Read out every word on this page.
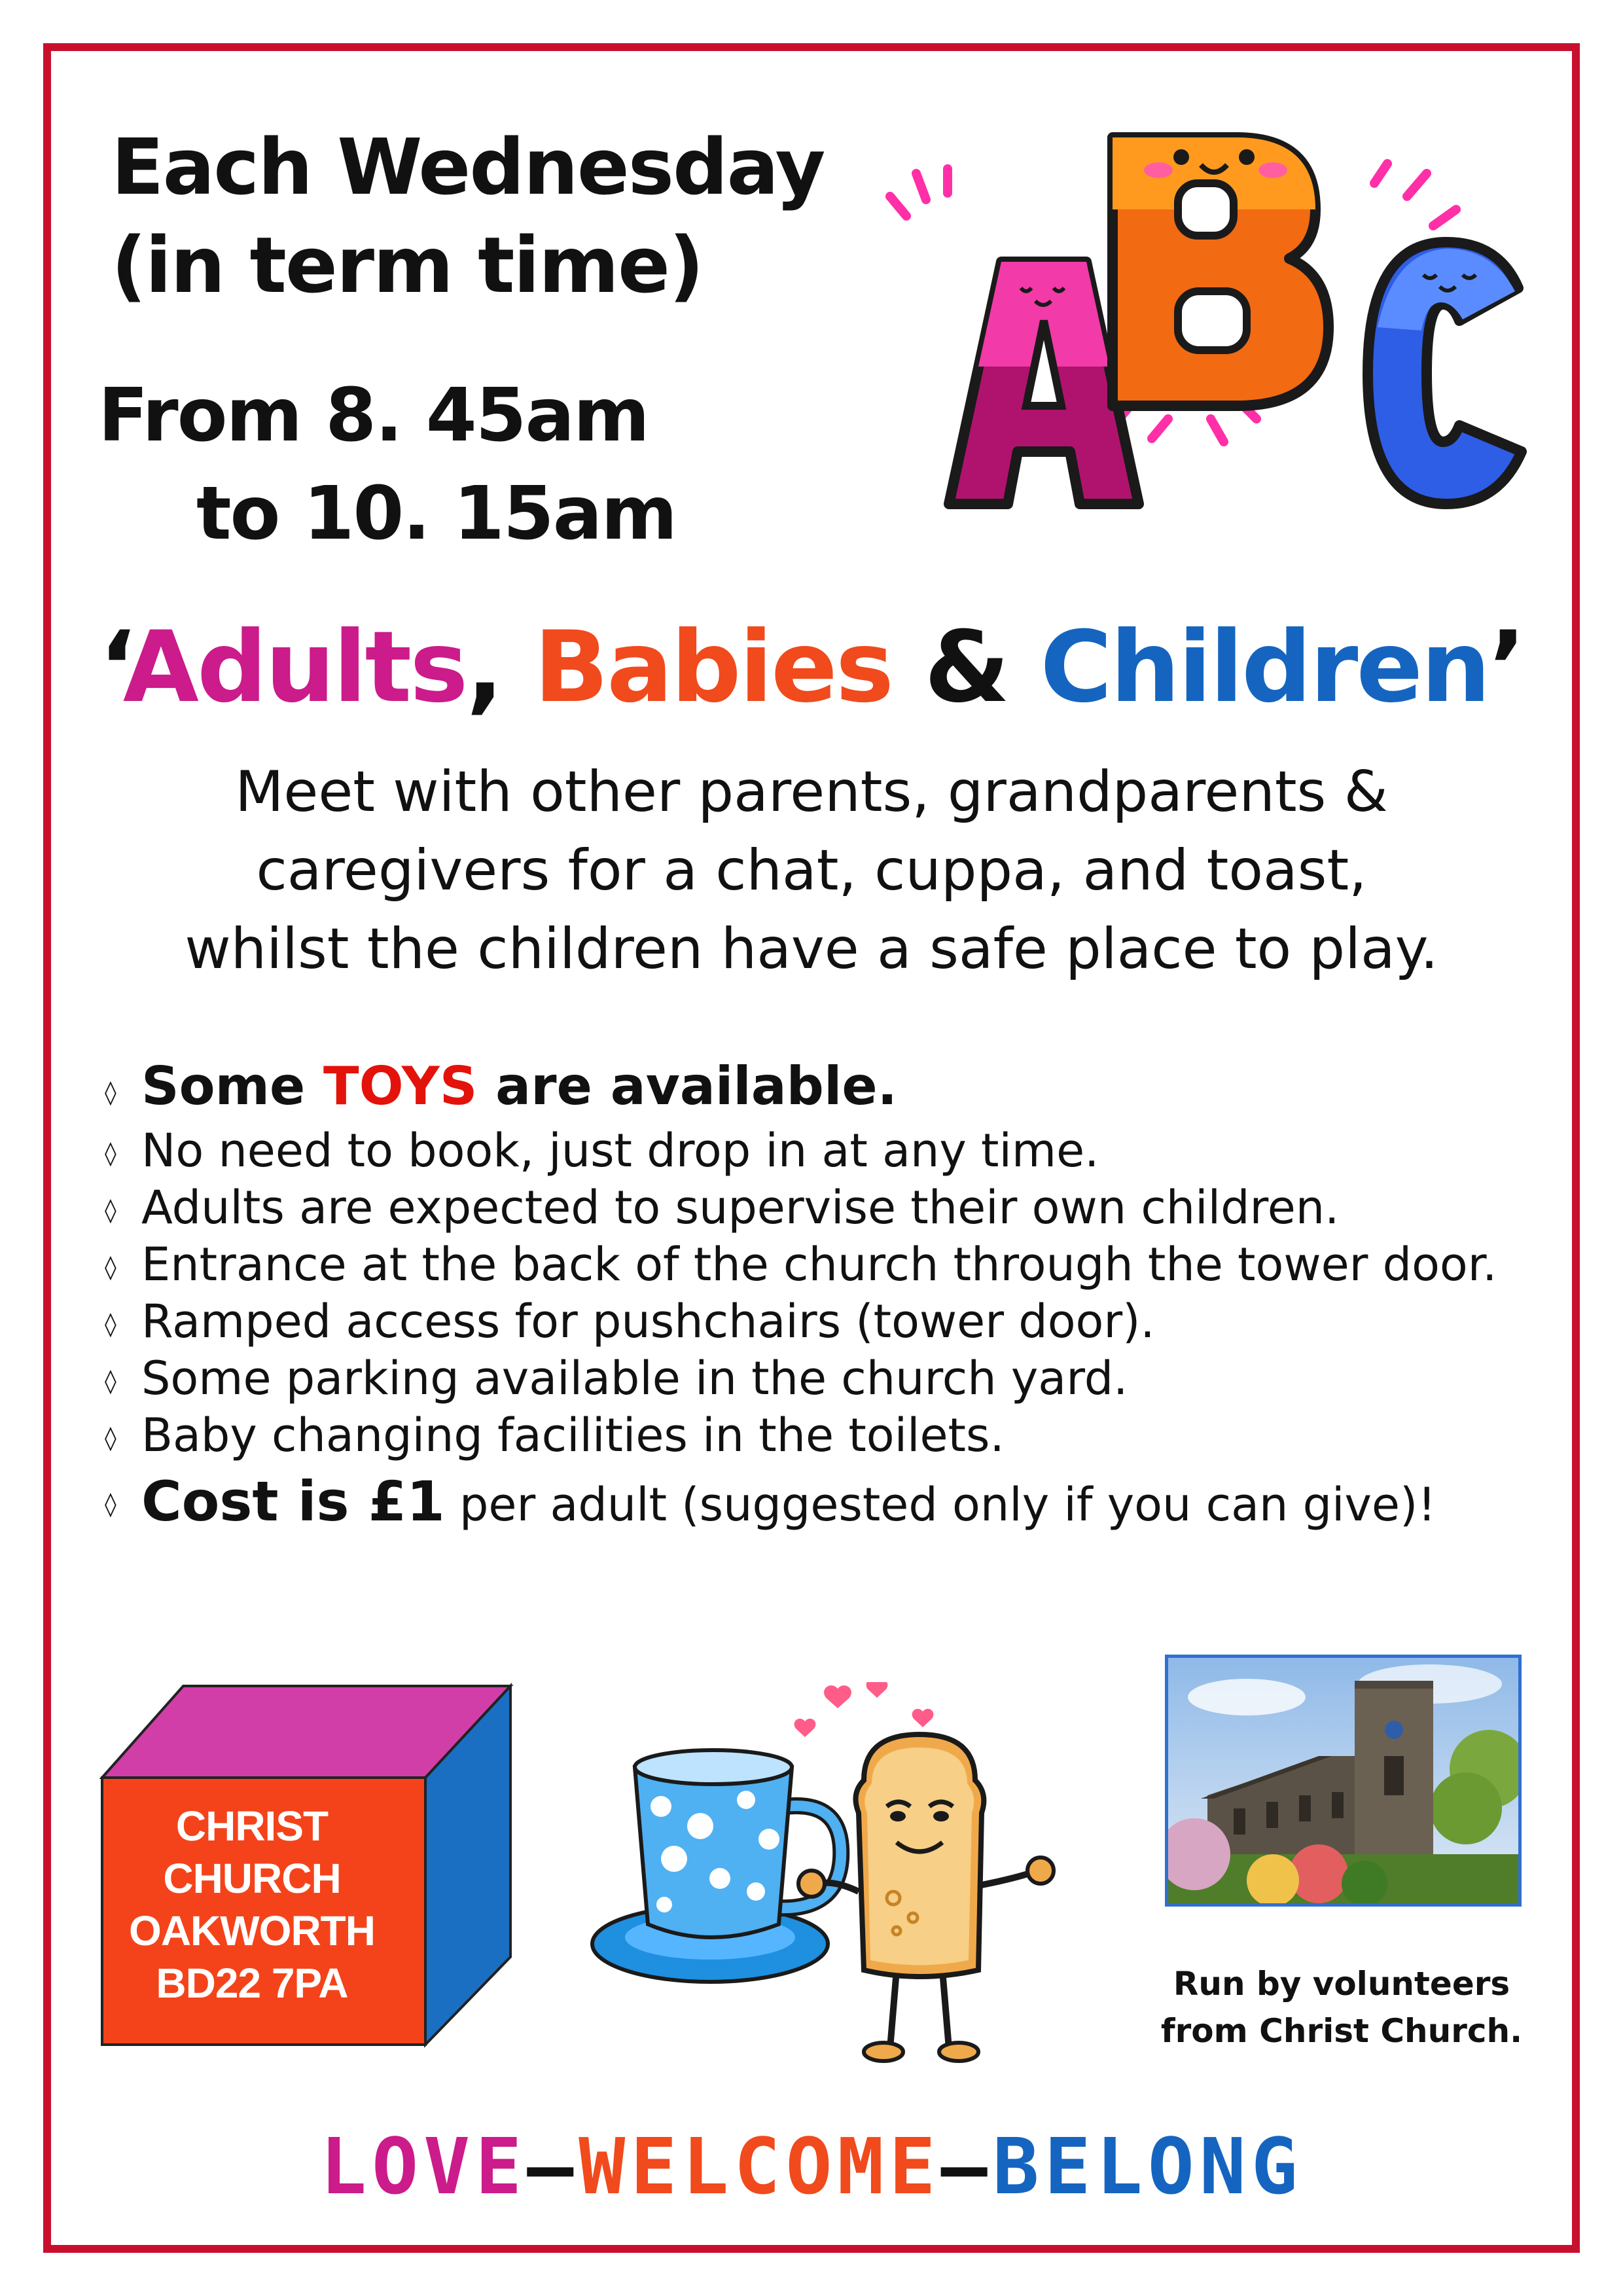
Each Wednesday
(in term time)
From 8. 45am
to 10. 15am
‘Adults, Babies & Children’
Meet with other parents, grandparents &
caregivers for a chat, cuppa, and toast,
whilst the children have a safe place to play.
◊ Some TOYS are available.
◊ No need to book, just drop in at any time.
◊ Adults are expected to supervise their own children.
◊ Entrance at the back of the church through the tower door.
◊ Ramped access for pushchairs (tower door).
◊ Some parking available in the church yard.
◊ Baby changing facilities in the toilets.
◊ Cost is £1 per adult (suggested only if you can give)!
CHRIST
CHURCH
OAKWORTH
BD22 7PA	Run by volunteers
from Christ Church.
LOVE—WELCOME—BELONG
